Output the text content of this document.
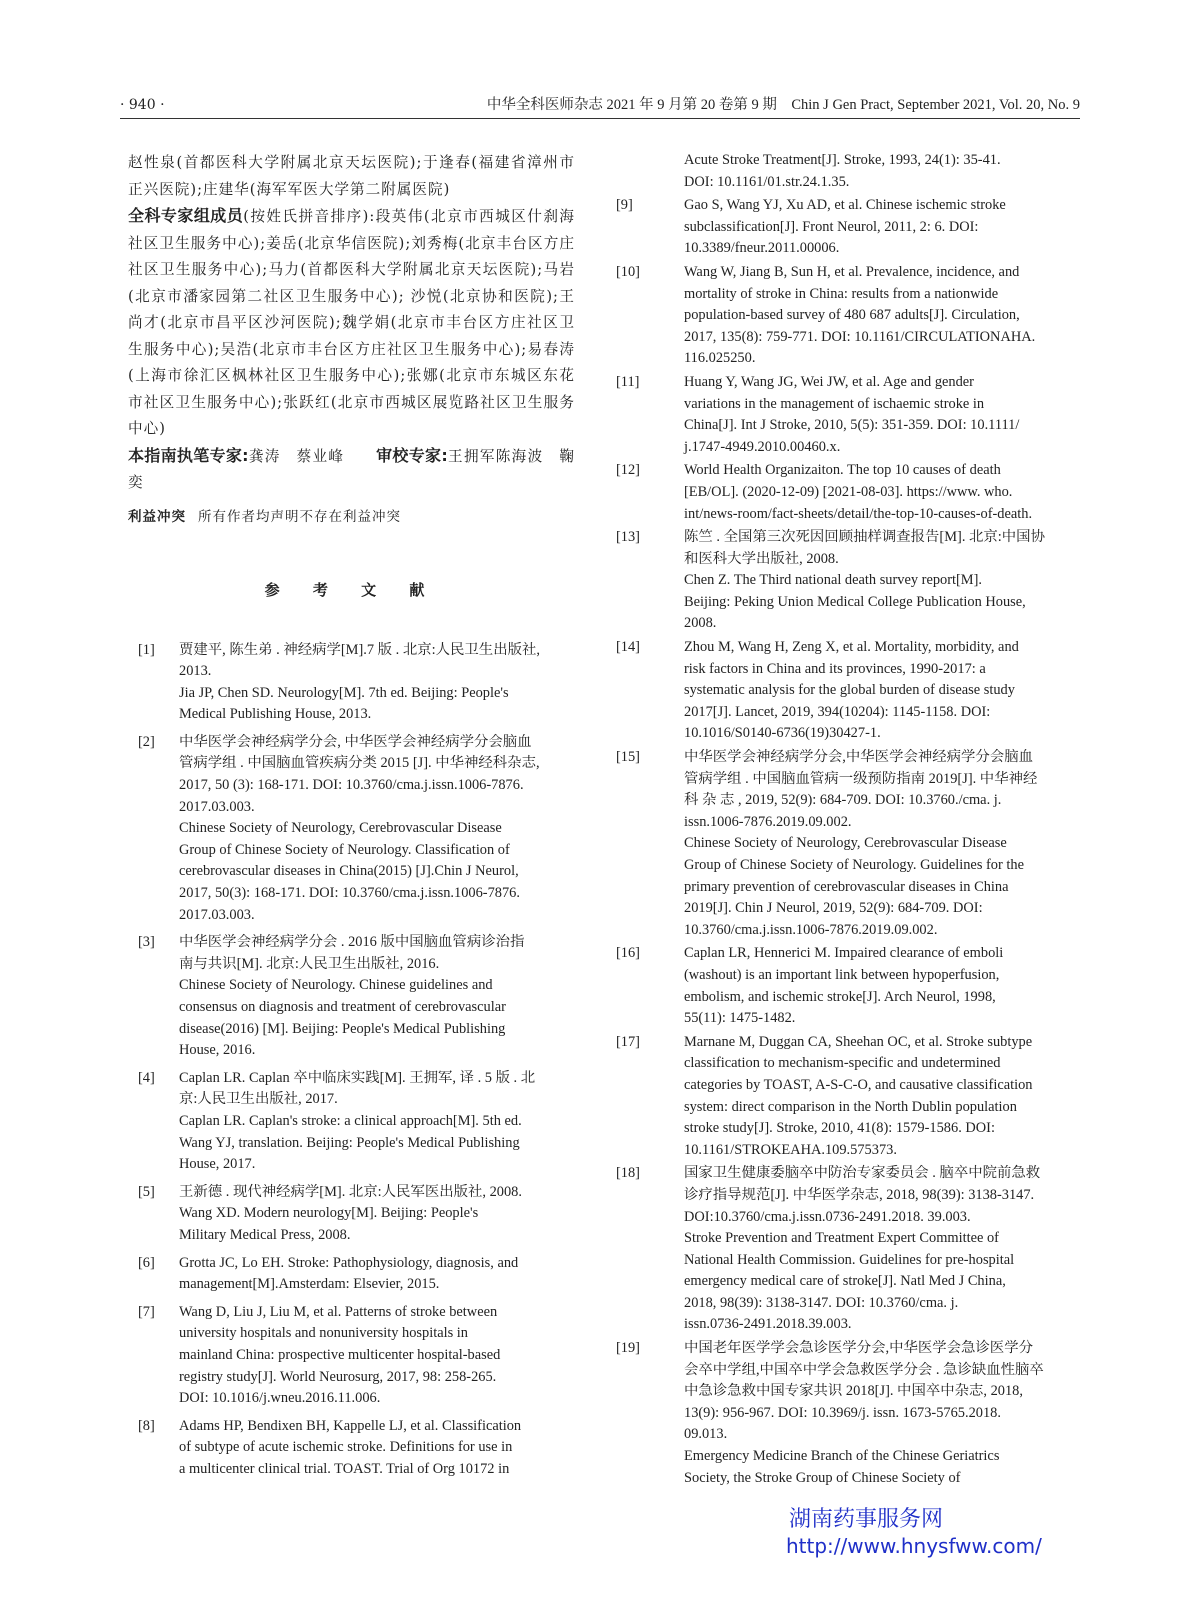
· 940 ·	中华全科医师杂志 2021 年 9 月第 20 卷第 9 期　Chin J Gen Pract, September 2021, Vol. 20, No. 9

赵性泉(首都医科大学附属北京天坛医院);于逢春(福建省漳州市正兴医院);庄建华(海军军医大学第二附属医院)

全科专家组成员(按姓氏拼音排序):段英伟(北京市西城区什刹海社区卫生服务中心);姜岳(北京华信医院);刘秀梅(北京丰台区方庄社区卫生服务中心);马力(首都医科大学附属北京天坛医院);马岩(北京市潘家园第二社区卫生服务中心); 沙悦(北京协和医院);王尚才(北京市昌平区沙河医院);魏学娟(北京市丰台区方庄社区卫生服务中心);吴浩(北京市丰台区方庄社区卫生服务中心);易春涛(上海市徐汇区枫林社区卫生服务中心);张娜(北京市东城区东花市社区卫生服务中心);张跃红(北京市西城区展览路社区卫生服务中心)

本指南执笔专家:龚涛　蔡业峰　　 审校专家:王拥军陈海波　鞠奕

利益冲突 所有作者均声明不存在利益冲突

参 考 文 献
[1] 贾建平, 陈生弟 . 神经病学[M].7 版 . 北京:人民卫生出版社,
2013.
Jia JP, Chen SD. Neurology[M]. 7th ed. Beijing: People's
Medical Publishing House, 2013.
[2] 中华医学会神经病学分会, 中华医学会神经病学分会脑血
管病学组 . 中国脑血管疾病分类 2015 [J]. 中华神经科杂志,
2017, 50 (3): 168-171. DOI: 10.3760/cma.j.issn.1006-7876.
2017.03.003.
Chinese Society of Neurology, Cerebrovascular Disease
Group of Chinese Society of Neurology. Classification of
cerebrovascular diseases in China(2015) [J].Chin J Neurol,
2017, 50(3): 168-171. DOI: 10.3760/cma.j.issn.1006-7876.
2017.03.003.
[3] 中华医学会神经病学分会 . 2016 版中国脑血管病诊治指
南与共识[M]. 北京:人民卫生出版社, 2016.
Chinese Society of Neurology. Chinese guidelines and
consensus on diagnosis and treatment of cerebrovascular
disease(2016) [M]. Beijing: People's Medical Publishing
House, 2016.
[4] Caplan LR. Caplan 卒中临床实践[M]. 王拥军, 译 . 5 版 . 北
京:人民卫生出版社, 2017.
Caplan LR. Caplan's stroke: a clinical approach[M]. 5th ed.
Wang YJ, translation. Beijing: People's Medical Publishing
House, 2017.
[5] 王新德 . 现代神经病学[M]. 北京:人民军医出版社, 2008.
Wang XD. Modern neurology[M]. Beijing: People's
Military Medical Press, 2008.
[6] Grotta JC, Lo EH. Stroke: Pathophysiology, diagnosis, and
management[M].Amsterdam: Elsevier, 2015.
[7] Wang D, Liu J, Liu M, et al. Patterns of stroke between
university hospitals and nonuniversity hospitals in
mainland China: prospective multicenter hospital-based
registry study[J]. World Neurosurg, 2017, 98: 258-265.
DOI: 10.1016/j.wneu.2016.11.006.
[8] Adams HP, Bendixen BH, Kappelle LJ, et al. Classification
of subtype of acute ischemic stroke. Definitions for use in
a multicenter clinical trial. TOAST. Trial of Org 10172 in
Acute Stroke Treatment[J]. Stroke, 1993, 24(1): 35-41.
DOI: 10.1161/01.str.24.1.35.
[9]	Gao S, Wang YJ, Xu AD, et al. Chinese ischemic stroke
subclassification[J]. Front Neurol, 2011, 2: 6. DOI:
10.3389/fneur.2011.00006.
[10]	Wang W, Jiang B, Sun H, et al. Prevalence, incidence, and
mortality of stroke in China: results from a nationwide
population-based survey of 480 687 adults[J]. Circulation,
2017, 135(8): 759-771. DOI: 10.1161/CIRCULATIONAHA.
116.025250.
[11]	Huang Y, Wang JG, Wei JW, et al. Age and gender
variations in the management of ischaemic stroke in
China[J]. Int J Stroke, 2010, 5(5): 351-359. DOI: 10.1111/
j.1747-4949.2010.00460.x.
[12]	World Health Organizaiton. The top 10 causes of death
[EB/OL]. (2020-12-09) [2021-08-03]. https://www. who.
int/news-room/fact-sheets/detail/the-top-10-causes-of-death.
[13]	陈竺 . 全国第三次死因回顾抽样调查报告[M]. 北京:中国协
和医科大学出版社, 2008.
Chen Z. The Third national death survey report[M].
Beijing: Peking Union Medical College Publication House,
2008.
[14]	Zhou M, Wang H, Zeng X, et al. Mortality, morbidity, and
risk factors in China and its provinces, 1990-2017: a
systematic analysis for the global burden of disease study
2017[J]. Lancet, 2019, 394(10204): 1145-1158. DOI:
10.1016/S0140-6736(19)30427-1.
[15]	中华医学会神经病学分会,中华医学会神经病学分会脑血
管病学组 . 中国脑血管病一级预防指南 2019[J]. 中华神经
科 杂 志 , 2019, 52(9): 684-709. DOI: 10.3760./cma. j.
issn.1006-7876.2019.09.002.
Chinese Society of Neurology, Cerebrovascular Disease
Group of Chinese Society of Neurology. Guidelines for the
primary prevention of cerebrovascular diseases in China
2019[J]. Chin J Neurol, 2019, 52(9): 684-709. DOI:
10.3760/cma.j.issn.1006-7876.2019.09.002.
[16]	Caplan LR, Hennerici M. Impaired clearance of emboli
(washout) is an important link between hypoperfusion,
embolism, and ischemic stroke[J]. Arch Neurol, 1998,
55(11): 1475-1482.
[17]	Marnane M, Duggan CA, Sheehan OC, et al. Stroke subtype
classification to mechanism-specific and undetermined
categories by TOAST, A-S-C-O, and causative classification
system: direct comparison in the North Dublin population
stroke study[J]. Stroke, 2010, 41(8): 1579-1586. DOI:
10.1161/STROKEAHA.109.575373.
[18]	国家卫生健康委脑卒中防治专家委员会 . 脑卒中院前急救
诊疗指导规范[J]. 中华医学杂志, 2018, 98(39): 3138-3147.
DOI:10.3760/cma.j.issn.0736-2491.2018. 39.003.
Stroke Prevention and Treatment Expert Committee of
National Health Commission. Guidelines for pre-hospital
emergency medical care of stroke[J]. Natl Med J China,
2018, 98(39): 3138-3147. DOI: 10.3760/cma. j.
issn.0736-2491.2018.39.003.
[19]	中国老年医学学会急诊医学分会,中华医学会急诊医学分
会卒中学组,中国卒中学会急救医学分会 . 急诊缺血性脑卒
中急诊急救中国专家共识 2018[J]. 中国卒中杂志, 2018,
13(9): 956-967. DOI: 10.3969/j. issn. 1673-5765.2018.
09.013.
Emergency Medicine Branch of the Chinese Geriatrics
Society, the Stroke Group of Chinese Society of
湖南药事服务网
http://www.hnysfww.com/
